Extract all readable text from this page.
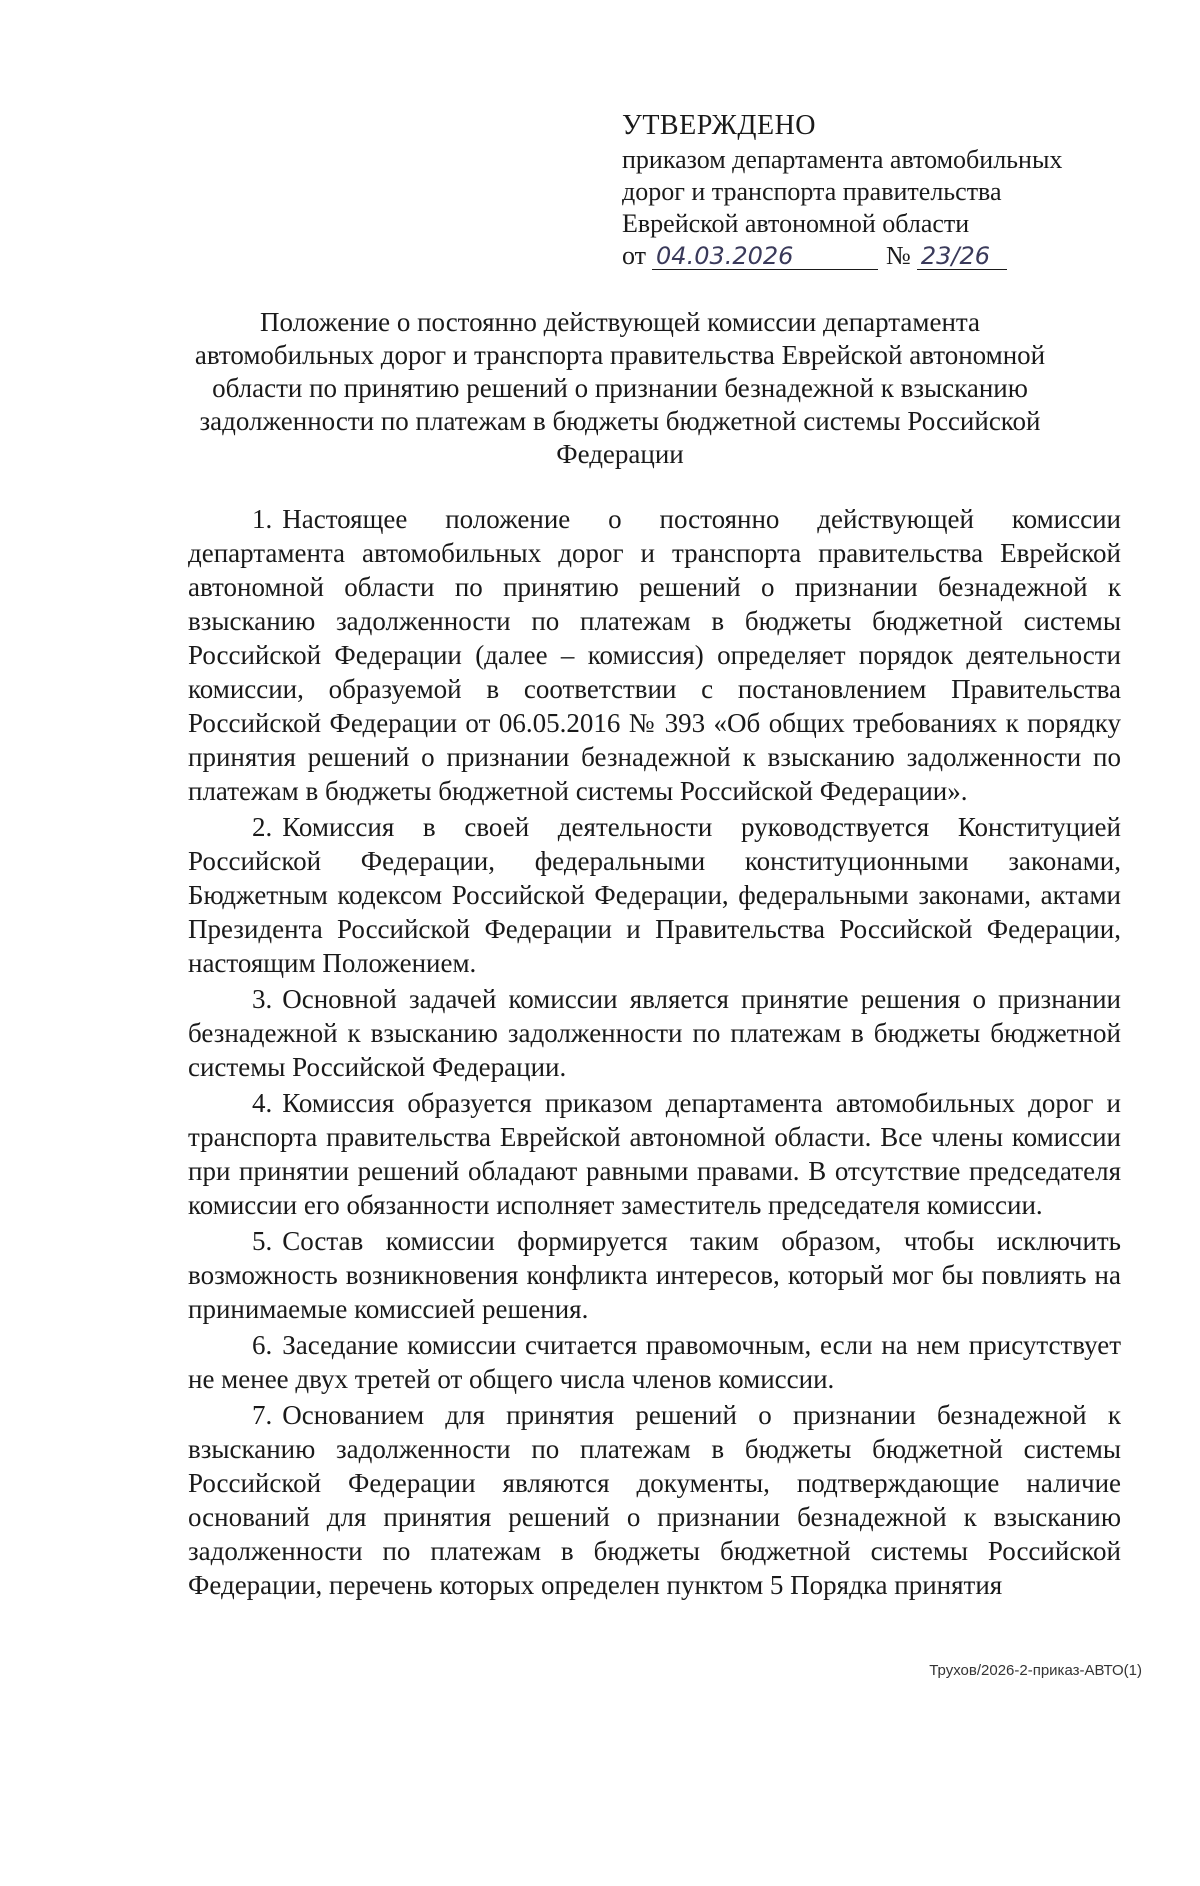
УТВЕРЖДЕНО
приказом департамента автомобильных
дорог и транспорта правительства
Еврейской автономной области
от 04.03.2026	№ 23/26
Положение о постоянно действующей комиссии департамента автомобильных дорог и транспорта правительства Еврейской автономной области по принятию решений о признании безнадежной к взысканию задолженности по платежам в бюджеты бюджетной системы Российской Федерации

1. Настоящее положение о постоянно действующей комиссии департамента автомобильных дорог и транспорта правительства Еврейской автономной области по принятию решений о признании безнадежной к взысканию задолженности по платежам в бюджеты бюджетной системы Российской Федерации (далее – комиссия) определяет порядок деятельности комиссии, образуемой в соответствии с постановлением Правительства Российской Федерации от 06.05.2016 № 393 «Об общих требованиях к порядку принятия решений о признании безнадежной к взысканию задолженности по платежам в бюджеты бюджетной системы Российской Федерации».

2. Комиссия в своей деятельности руководствуется Конституцией Российской Федерации, федеральными конституционными законами, Бюджетным кодексом Российской Федерации, федеральными законами, актами Президента Российской Федерации и Правительства Российской Федерации, настоящим Положением.

3. Основной задачей комиссии является принятие решения о признании безнадежной к взысканию задолженности по платежам в бюджеты бюджетной системы Российской Федерации.

4. Комиссия образуется приказом департамента автомобильных дорог и транспорта правительства Еврейской автономной области. Все члены комиссии при принятии решений обладают равными правами. В отсутствие председателя комиссии его обязанности исполняет заместитель председателя комиссии.

5. Состав комиссии формируется таким образом, чтобы исключить возможность возникновения конфликта интересов, который мог бы повлиять на принимаемые комиссией решения.

6. Заседание комиссии считается правомочным, если на нем присутствует не менее двух третей от общего числа членов комиссии.

7. Основанием для принятия решений о признании безнадежной к взысканию задолженности по платежам в бюджеты бюджетной системы Российской Федерации являются документы, подтверждающие наличие оснований для принятия решений о признании безнадежной к взысканию задолженности по платежам в бюджеты бюджетной системы Российской Федерации, перечень которых определен пунктом 5 Порядка принятия

Трухов/2026-2-приказ-АВТО(1)
